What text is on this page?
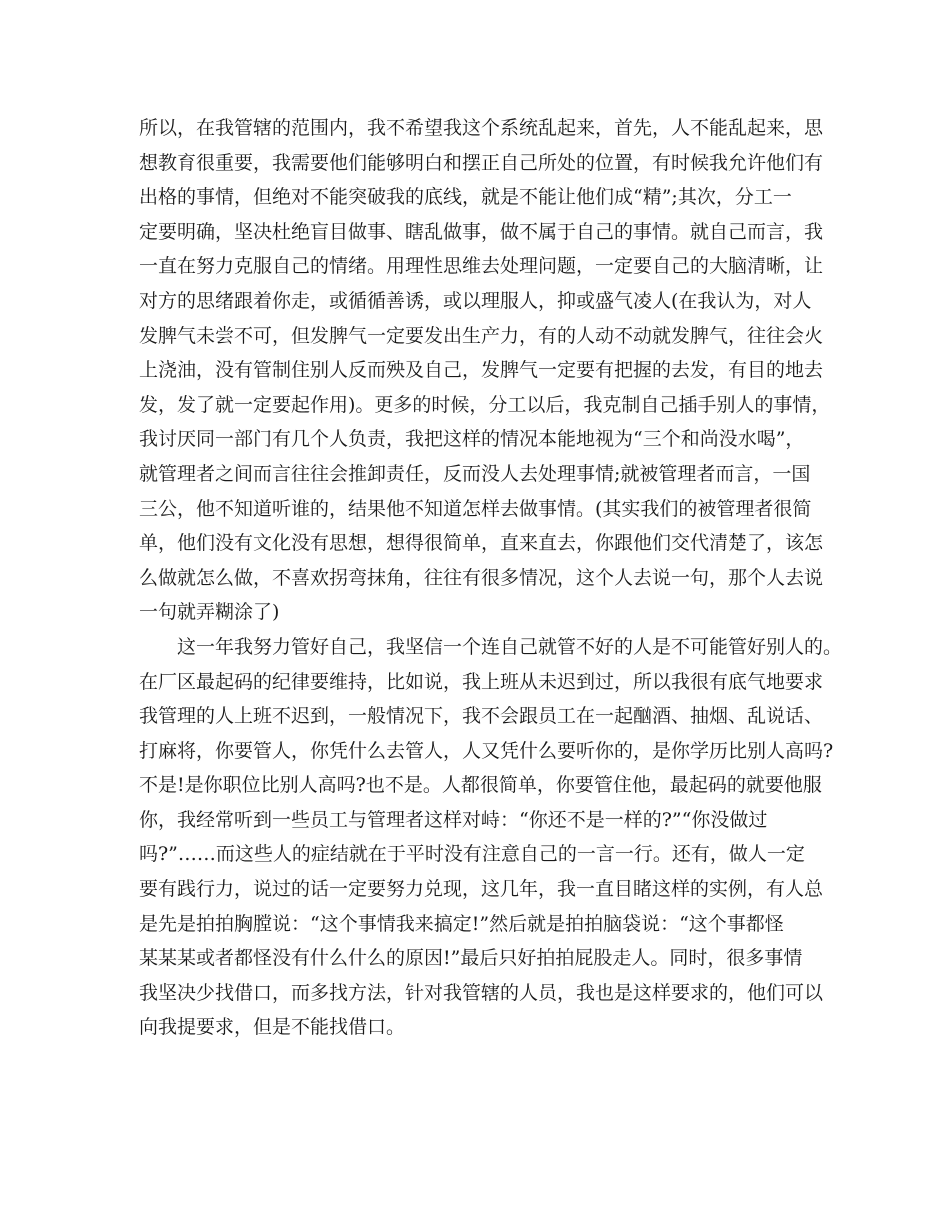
所以，在我管辖的范围内，我不希望我这个系统乱起来，首先，人不能乱起来，思
想教育很重要，我需要他们能够明白和摆正自己所处的位置，有时候我允许他们有
出格的事情，但绝对不能突破我的底线，就是不能让他们成“精”;其次，分工一
定要明确，坚决杜绝盲目做事、瞎乱做事，做不属于自己的事情。就自己而言，我
一直在努力克服自己的情绪。用理性思维去处理问题，一定要自己的大脑清晰，让
对方的思绪跟着你走，或循循善诱，或以理服人，抑或盛气凌人(在我认为，对人
发脾气未尝不可，但发脾气一定要发出生产力，有的人动不动就发脾气，往往会火
上浇油，没有管制住别人反而殃及自己，发脾气一定要有把握的去发，有目的地去
发，发了就一定要起作用)。更多的时候，分工以后，我克制自己插手别人的事情，
我讨厌同一部门有几个人负责，我把这样的情况本能地视为“三个和尚没水喝”，
就管理者之间而言往往会推卸责任，反而没人去处理事情;就被管理者而言，一国
三公，他不知道听谁的，结果他不知道怎样去做事情。(其实我们的被管理者很简
单，他们没有文化没有思想，想得很简单，直来直去，你跟他们交代清楚了，该怎
么做就怎么做，不喜欢拐弯抹角，往往有很多情况，这个人去说一句，那个人去说
一句就弄糊涂了)
　　这一年我努力管好自己，我坚信一个连自己就管不好的人是不可能管好别人的。
在厂区最起码的纪律要维持，比如说，我上班从未迟到过，所以我很有底气地要求
我管理的人上班不迟到，一般情况下，我不会跟员工在一起酗酒、抽烟、乱说话、
打麻将，你要管人，你凭什么去管人，人又凭什么要听你的，是你学历比别人高吗?
不是!是你职位比别人高吗?也不是。人都很简单，你要管住他，最起码的就要他服
你，我经常听到一些员工与管理者这样对峙：“你还不是一样的?”“你没做过
吗?”……而这些人的症结就在于平时没有注意自己的一言一行。还有，做人一定
要有践行力，说过的话一定要努力兑现，这几年，我一直目睹这样的实例，有人总
是先是拍拍胸膛说：“这个事情我来搞定!”然后就是拍拍脑袋说：“这个事都怪
某某某或者都怪没有什么什么的原因!”最后只好拍拍屁股走人。同时，很多事情
我坚决少找借口，而多找方法，针对我管辖的人员，我也是这样要求的，他们可以
向我提要求，但是不能找借口。
